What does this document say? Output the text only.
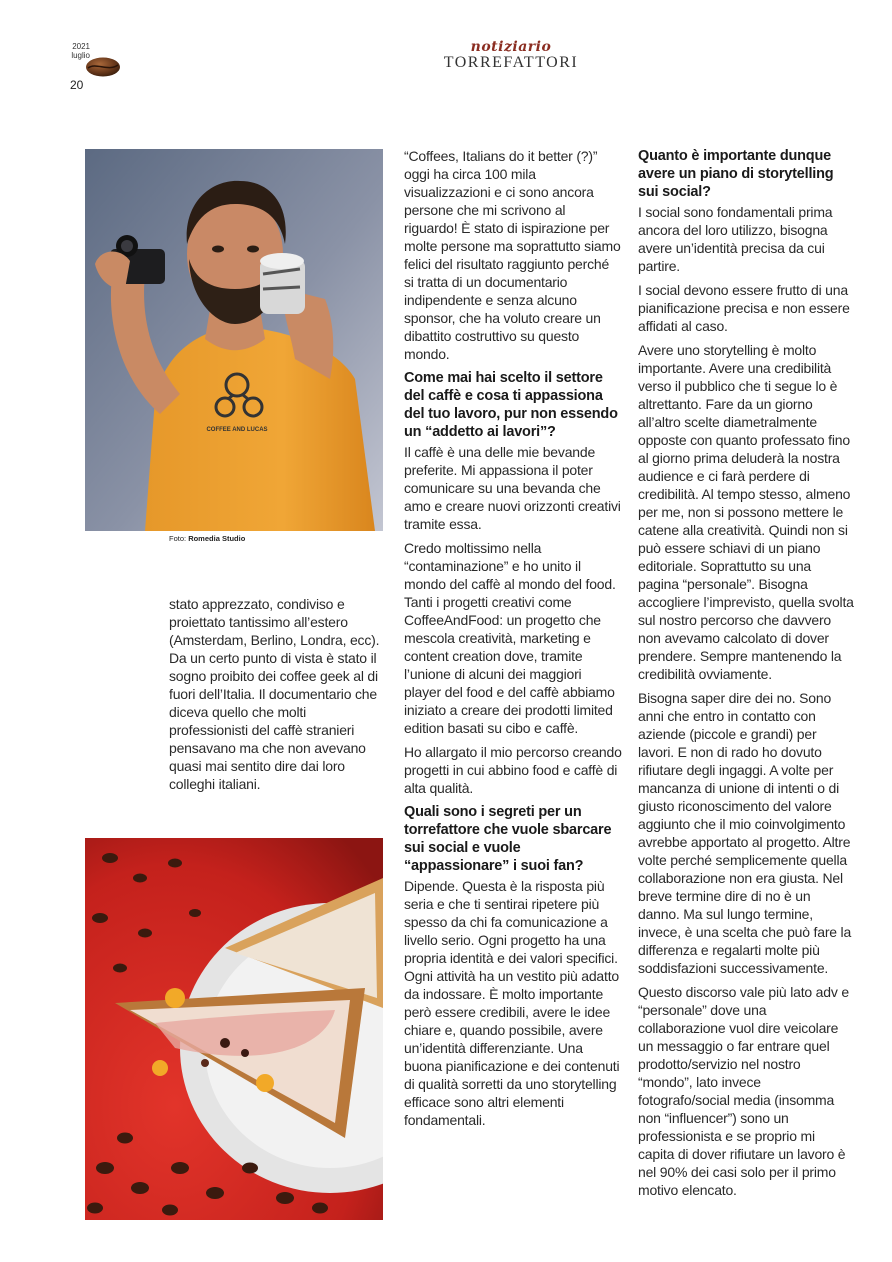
2021
luglio
20
notiziario
TORREFATTORI
COFFEE AND LUCAS
Foto: Romedia Studio

stato apprezzato, condiviso e proiettato tantissimo all’estero (Amsterdam, Berlino, Londra, ecc). Da un certo punto di vista è stato il sogno proibito dei coffee geek al di fuori dell’Italia. Il documentario che diceva quello che molti professionisti del caffè stranieri pensavano ma che non avevano quasi mai sentito dire dai loro colleghi italiani.

“Coffees, Italians do it better (?)” oggi ha circa 100 mila visualizzazioni e ci sono ancora persone che mi scrivono al riguardo! È stato di ispirazione per molte persone ma soprattutto siamo felici del risultato raggiunto perché si tratta di un documentario indipendente e senza alcuno sponsor, che ha voluto creare un dibattito costruttivo su questo mondo.

Come mai hai scelto il settore del caffè e cosa ti appassiona del tuo lavoro, pur non essendo un “addetto ai lavori”?

Il caffè è una delle mie bevande preferite. Mi appassiona il poter comunicare su una bevanda che amo e creare nuovi orizzonti creativi tramite essa.

Credo moltissimo nella “contaminazione” e ho unito il mondo del caffè al mondo del food. Tanti i progetti creativi come CoffeeAndFood: un progetto che mescola creatività, marketing e content creation dove, tramite l’unione di alcuni dei maggiori player del food e del caffè abbiamo iniziato a creare dei prodotti limited edition basati su cibo e caffè.

Ho allargato il mio percorso creando progetti in cui abbino food e caffè di alta qualità.

Quali sono i segreti per un torrefattore che vuole sbarcare sui social e vuole “appassionare” i suoi fan?

Dipende. Questa è la risposta più seria e che ti sentirai ripetere più spesso da chi fa comunicazione a livello serio. Ogni progetto ha una propria identità e dei valori specifici. Ogni attività ha un vestito più adatto da indossare. È molto importante però essere credibili, avere le idee chiare e, quando possibile, avere un’identità differenziante. Una buona pianificazione e dei contenuti di qualità sorretti da uno storytelling efficace sono altri elementi fondamentali.

Quanto è importante dunque avere un piano di storytelling sui social?

I social sono fondamentali prima ancora del loro utilizzo, bisogna avere un’identità precisa da cui partire.

I social devono essere frutto di una pianificazione precisa e non essere affidati al caso.

Avere uno storytelling è molto importante. Avere una credibilità verso il pubblico che ti segue lo è altrettanto. Fare da un giorno all’altro scelte diametralmente opposte con quanto professato fino al giorno prima deluderà la nostra audience e ci farà perdere di credibilità. Al tempo stesso, almeno per me, non si possono mettere le catene alla creatività. Quindi non si può essere schiavi di un piano editoriale. Soprattutto su una pagina “personale”. Bisogna accogliere l’imprevisto, quella svolta sul nostro percorso che davvero non avevamo calcolato di dover prendere. Sempre mantenendo la credibilità ovviamente.

Bisogna saper dire dei no. Sono anni che entro in contatto con aziende (piccole e grandi) per lavori. E non di rado ho dovuto rifiutare degli ingaggi. A volte per mancanza di unione di intenti o di giusto riconoscimento del valore aggiunto che il mio coinvolgimento avrebbe apportato al progetto. Altre volte perché semplicemente quella collaborazione non era giusta. Nel breve termine dire di no è un danno. Ma sul lungo termine, invece, è una scelta che può fare la differenza e regalarti molte più soddisfazioni successivamente.

Questo discorso vale più lato adv e “personale” dove una collaborazione vuol dire veicolare un messaggio o far entrare quel prodotto/servizio nel nostro “mondo”, lato invece fotografo/social media (insomma non “influencer”) sono un professionista e se proprio mi capita di dover rifiutare un lavoro è nel 90% dei casi solo per il primo motivo elencato.
